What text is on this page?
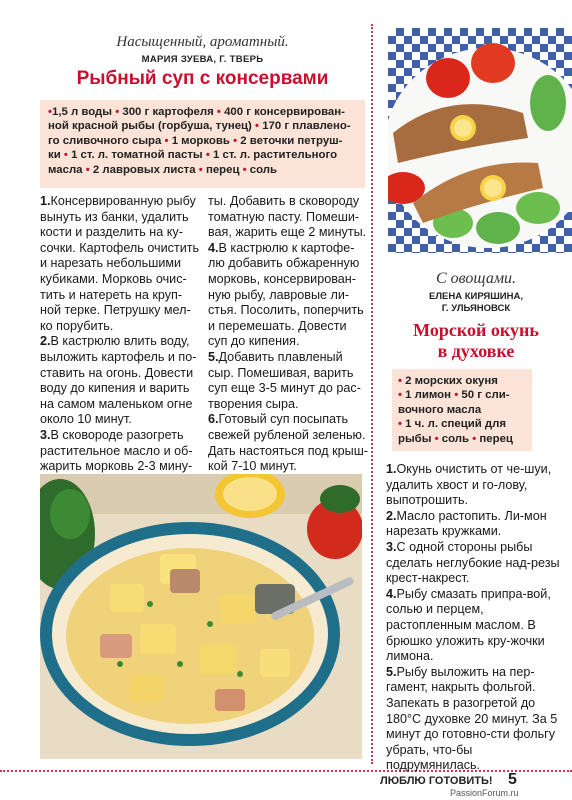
Насыщенный, ароматный.
МАРИЯ ЗУЕВА, Г. ТВЕРЬ
Рыбный суп с консервами
•1,5 л воды • 300 г картофеля • 400 г консервирован-
ной красной рыбы (горбуша, тунец) • 170 г плавлено-
го сливочного сыра • 1 морковь • 2 веточки петруш-
ки • 1 ст. л. томатной пасты • 1 ст. л. растительного
масла • 2 лавровых листа • перец • соль

1.Консервированную рыбу вынуть из банки, удалить кости и разделить на ку-сочки. Картофель очистить и нарезать небольшими кубиками. Морковь очис-тить и натереть на круп-ной терке. Петрушку мел-ко порубить.

2.В кастрюлю влить воду, выложить картофель и по-ставить на огонь. Довести воду до кипения и варить на самом маленьком огне около 10 минут.

3.В сковороде разогреть растительное масло и об-жарить морковь 2-3 мину-

ты. Добавить в сковороду томатную пасту. Помеши-вая, жарить еще 2 минуты.

4.В кастрюлю к картофе-лю добавить обжаренную морковь, консервирован-ную рыбу, лавровые ли-стья. Посолить, поперчить и перемешать. Довести суп до кипения.

5.Добавить плавленый сыр. Помешивая, варить суп еще 3-5 минут до рас-творения сыра.

6.Готовый суп посыпать свежей рубленой зеленью. Дать настояться под крыш-кой 7-10 минут.

С овощами.
ЕЛЕНА КИРЯШИНА,
Г. УЛЬЯНОВСК
Морской окунь
в духовке
• 2 морских окуня
• 1 лимон • 50 г сли-
вочного масла
• 1 ч. л. специй для
рыбы • соль • перец

1.Окунь очистить от че-шуи, удалить хвост и го-лову, выпотрошить.

2.Масло растопить. Ли-мон нарезать кружками.

3.С одной стороны рыбы сделать неглубокие над-резы крест-накрест.

4.Рыбу смазать припра-вой, солью и перцем, растопленным маслом. В брюшко уложить кру-жочки лимона.

5.Рыбу выложить на пер-гамент, накрыть фольгой. Запекать в разогретой до 180°С духовке 20 минут. За 5 минут до готовно-сти фольгу убрать, что-бы подрумянилась.

ЛЮБЛЮ ГОТОВИТЬ! 5
PassionForum.ru
